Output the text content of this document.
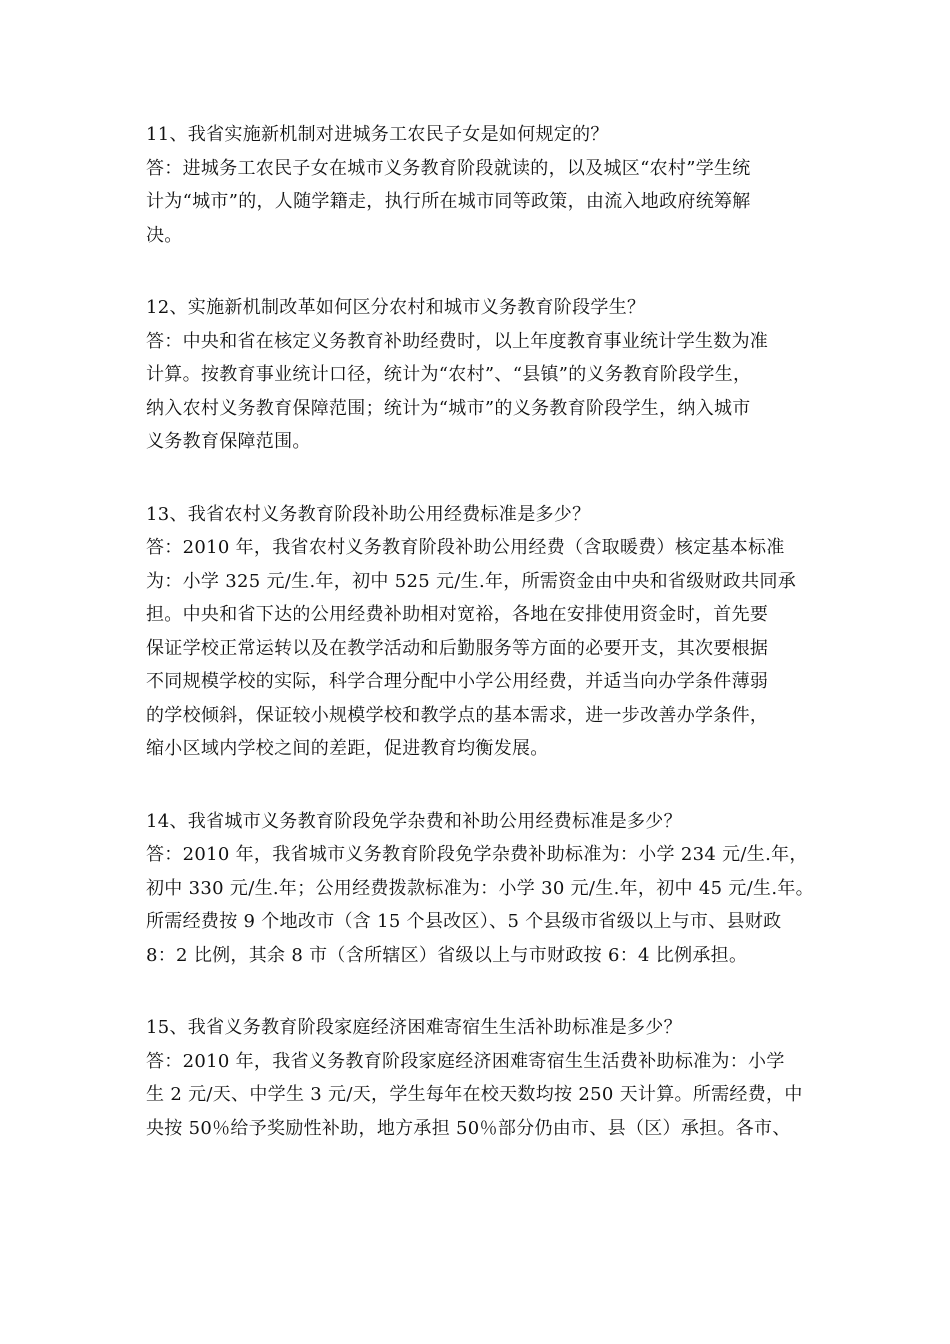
11、我省实施新机制对进城务工农民子女是如何规定的？
答：进城务工农民子女在城市义务教育阶段就读的，以及城区“农村”学生统
计为“城市”的，人随学籍走，执行所在城市同等政策，由流入地政府统筹解
决。
12、实施新机制改革如何区分农村和城市义务教育阶段学生？
答：中央和省在核定义务教育补助经费时，以上年度教育事业统计学生数为准
计算。按教育事业统计口径，统计为“农村”、“县镇”的义务教育阶段学生，
纳入农村义务教育保障范围；统计为“城市”的义务教育阶段学生，纳入城市
义务教育保障范围。
13、我省农村义务教育阶段补助公用经费标准是多少？
答：2010 年，我省农村义务教育阶段补助公用经费（含取暖费）核定基本标准
为：小学 325 元/生.年，初中 525 元/生.年，所需资金由中央和省级财政共同承
担。中央和省下达的公用经费补助相对宽裕，各地在安排使用资金时，首先要
保证学校正常运转以及在教学活动和后勤服务等方面的必要开支，其次要根据
不同规模学校的实际，科学合理分配中小学公用经费，并适当向办学条件薄弱
的学校倾斜，保证较小规模学校和教学点的基本需求，进一步改善办学条件，
缩小区域内学校之间的差距，促进教育均衡发展。
14、我省城市义务教育阶段免学杂费和补助公用经费标准是多少？
答：2010 年，我省城市义务教育阶段免学杂费补助标准为：小学 234 元/生.年，
初中 330 元/生.年；公用经费拨款标准为：小学 30 元/生.年，初中 45 元/生.年。
所需经费按 9 个地改市（含 15 个县改区）、5 个县级市省级以上与市、县财政
8：2 比例，其余 8 市（含所辖区）省级以上与市财政按 6：4 比例承担。
15、我省义务教育阶段家庭经济困难寄宿生生活补助标准是多少？
答：2010 年，我省义务教育阶段家庭经济困难寄宿生生活费补助标准为：小学
生 2 元/天、中学生 3 元/天，学生每年在校天数均按 250 天计算。所需经费，中
央按 50％给予奖励性补助，地方承担 50％部分仍由市、县（区）承担。各市、
